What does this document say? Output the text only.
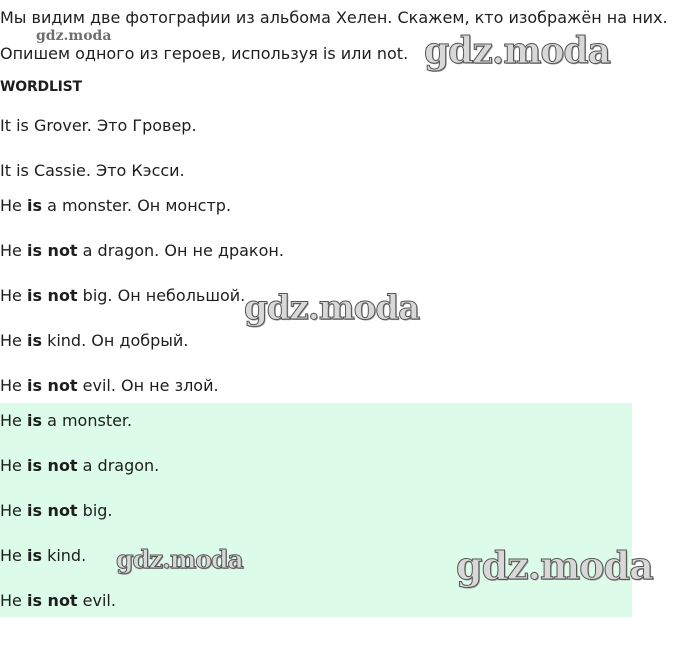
Мы видим две фотографии из альбома Хелен. Скажем, кто изображён на них.
Опишем одного из героев, используя is или not.
WORDLIST
It is Grover. Это Гровер.
It is Cassie. Это Кэсси.
He is a monster. Он монстр.
He is not a dragon. Он не дракон.
He is not big. Он небольшой.
He is kind. Он добрый.
He is not evil. Он не злой.
He is a monster.
He is not a dragon.
He is not big.
He is kind.
He is not evil.
gdz.moda	gdz.moda
gdz.moda
gdz.moda	gdz.moda
